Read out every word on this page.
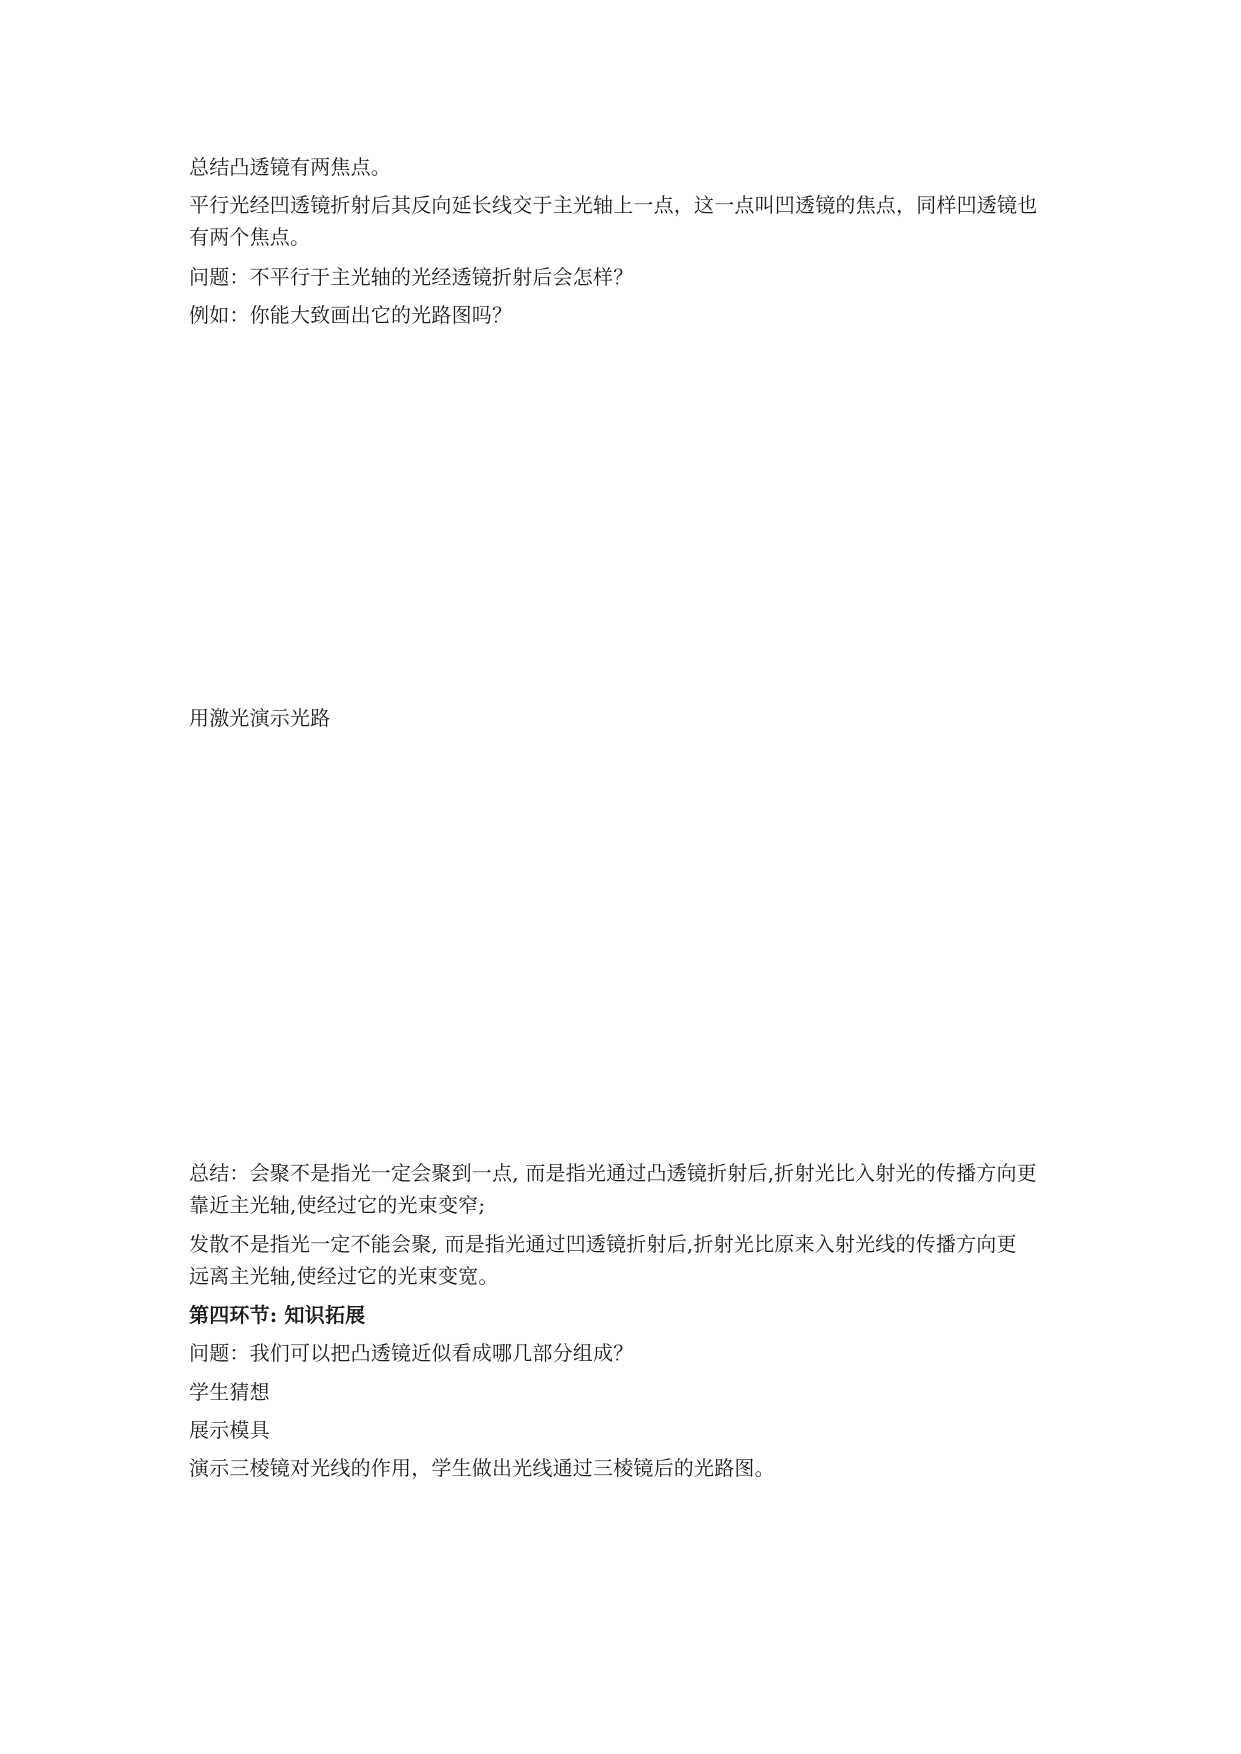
总结凸透镜有两焦点。
平行光经凹透镜折射后其反向延长线交于主光轴上一点，这一点叫凹透镜的焦点，同样凹透镜也
有两个焦点。
问题：不平行于主光轴的光经透镜折射后会怎样？
例如：你能大致画出它的光路图吗？
用激光演示光路
总结：会聚不是指光一定会聚到一点, 而是指光通过凸透镜折射后,折射光比入射光的传播方向更
靠近主光轴,使经过它的光束变窄;
发散不是指光一定不能会聚, 而是指光通过凹透镜折射后,折射光比原来入射光线的传播方向更
远离主光轴,使经过它的光束变宽。
第四环节: 知识拓展
问题：我们可以把凸透镜近似看成哪几部分组成？
学生猜想
展示模具
演示三棱镜对光线的作用，学生做出光线通过三棱镜后的光路图。
